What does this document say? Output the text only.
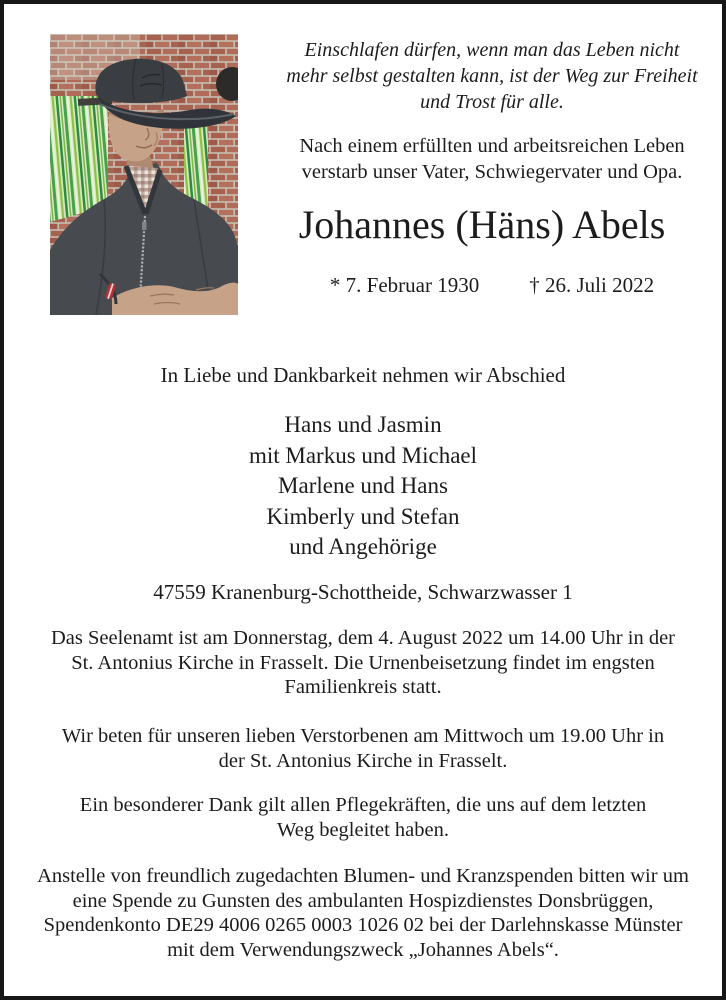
Einschlafen dürfen, wenn man das Leben nicht mehr selbst gestalten kann, ist der Weg zur Freiheit und Trost für alle.
Nach einem erfüllten und arbeitsreichen Leben verstarb unser Vater, Schwiegervater und Opa.
Johannes (Häns) Abels
* 7. Februar 1930 † 26. Juli 2022
In Liebe und Dankbarkeit nehmen wir Abschied
Hans und Jasmin
mit Markus und Michael
Marlene und Hans
Kimberly und Stefan
und Angehörige
47559 Kranenburg-Schottheide, Schwarzwasser 1
Das Seelenamt ist am Donnerstag, dem 4. August 2022 um 14.00 Uhr in der St. Antonius Kirche in Frasselt. Die Urnenbeisetzung findet im engsten Familienkreis statt.
Wir beten für unseren lieben Verstorbenen am Mittwoch um 19.00 Uhr in der St. Antonius Kirche in Frasselt.
Ein besonderer Dank gilt allen Pflegekräften, die uns auf dem letzten Weg begleitet haben.
Anstelle von freundlich zugedachten Blumen- und Kranzspenden bitten wir um eine Spende zu Gunsten des ambulanten Hospizdienstes Donsbrüggen, Spendenkonto DE29 4006 0265 0003 1026 02 bei der Darlehnskasse Münster mit dem Verwendungszweck „Johannes Abels“.
